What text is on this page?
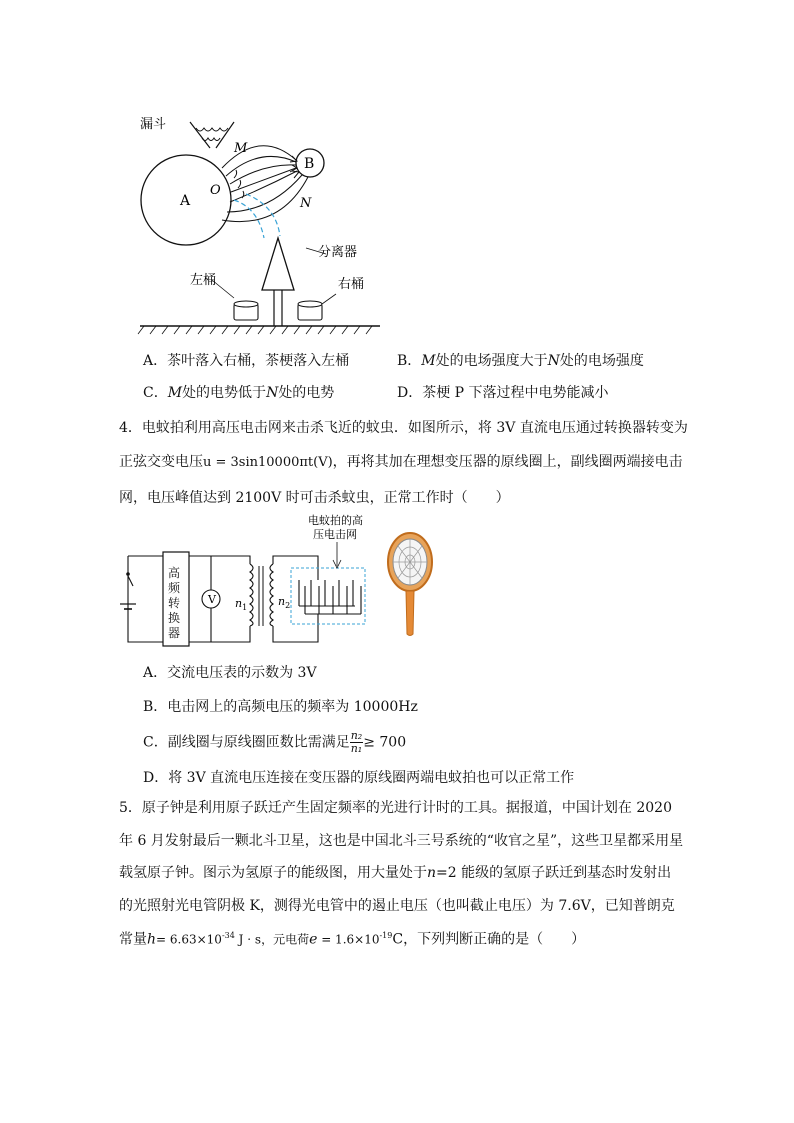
漏斗
A
B
M
O
N
分离器
左桶	右桶
A．茶叶落入右桶，茶梗落入左桶	B．M处的电场强度大于N处的电场强度
C．M处的电势低于N处的电势	D．茶梗 P 下落过程中电势能减小
4．电蚊拍利用高压电击网来击杀飞近的蚊虫．如图所示，将 3V 直流电压通过转换器转变为
正弦交变电压u = 3sin10000πt(V)，再将其加在理想变压器的原线圈上，副线圈两端接电击
网，电压峰值达到 2100V 时可击杀蚊虫，正常工作时（　　）
V $n_1$	$n_2$
电蚊拍的高
压电击网
高频转换器
A．交流电压表的示数为 3V
B．电击网上的高频电压的频率为 10000Hz
C．副线圈与原线圈匝数比需满足 $\frac{\text{n₂}}{\text{n₁}} \ge 700$
D．将 3V 直流电压连接在变压器的原线圈两端电蚊拍也可以正常工作
5．原子钟是利用原子跃迁产生固定频率的光进行计时的工具。据报道，中国计划在 2020
年 6 月发射最后一颗北斗卫星，这也是中国北斗三号系统的“收官之星”，这些卫星都采用星
载氢原子钟。图示为氢原子的能级图，用大量处于n=2 能级的氢原子跃迁到基态时发射出
的光照射光电管阴极 K，测得光电管中的遏止电压（也叫截止电压）为 7.6V，已知普朗克
常量$h= 6.63\times 10^{-34}$ J · s，元电荷$e = 1.6\times 10^{-19}C$，下列判断正确的是（　　）
